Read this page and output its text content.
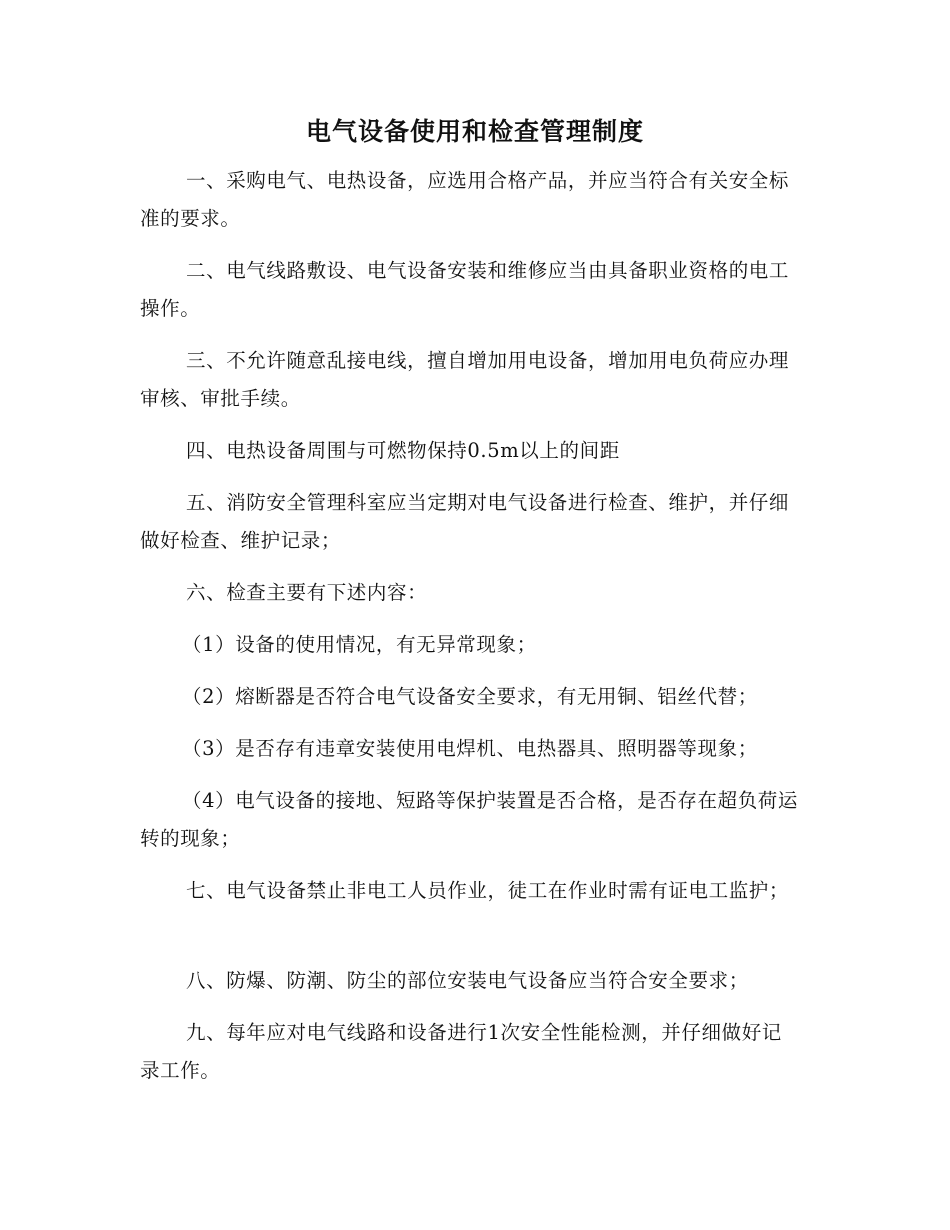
电气设备使用和检查管理制度

一、采购电气、电热设备，应选用合格产品，并应当符合有关安全标准的要求。

二、电气线路敷设、电气设备安装和维修应当由具备职业资格的电工操作。

三、不允许随意乱接电线，擅自增加用电设备，增加用电负荷应办理审核、审批手续。

四、电热设备周围与可燃物保持0.5m以上的间距

五、消防安全管理科室应当定期对电气设备进行检查、维护，并仔细做好检查、维护记录；

六、检查主要有下述内容：

（1）设备的使用情况，有无异常现象；

（2）熔断器是否符合电气设备安全要求，有无用铜、铝丝代替；

（3）是否存有违章安装使用电焊机、电热器具、照明器等现象；

（4）电气设备的接地、短路等保护装置是否合格，是否存在超负荷运转的现象；

七、电气设备禁止非电工人员作业，徒工在作业时需有证电工监护；

八、防爆、防潮、防尘的部位安装电气设备应当符合安全要求；

九、每年应对电气线路和设备进行1次安全性能检测，并仔细做好记录工作。
